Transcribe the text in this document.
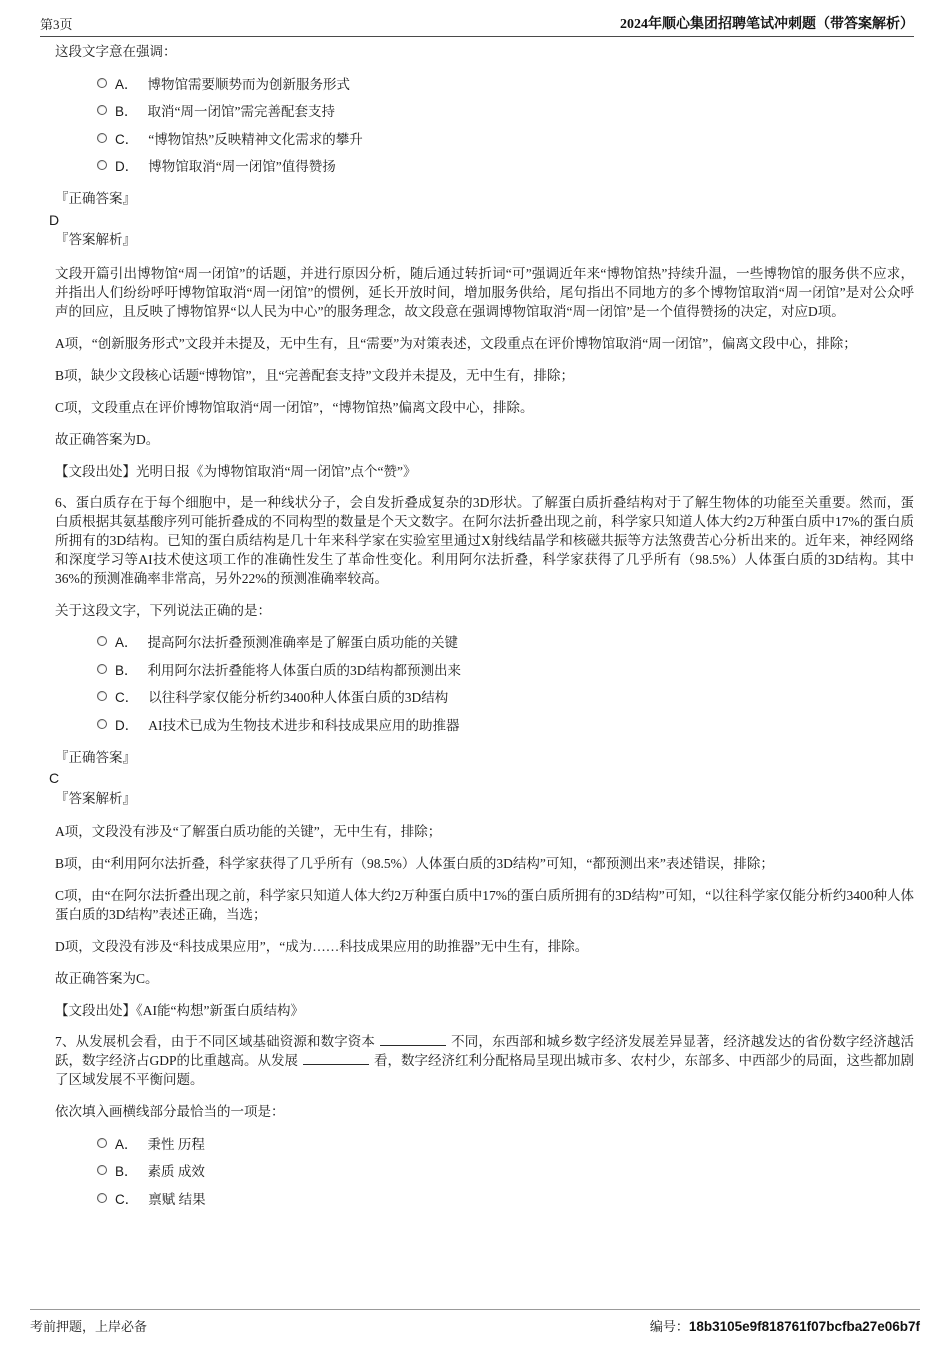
第3页	2024年顺心集团招聘笔试冲刺题（带答案解析）

这段文字意在强调：

A． 博物馆需要顺势而为创新服务形式
B． 取消“周一闭馆”需完善配套支持
C． “博物馆热”反映精神文化需求的攀升
D． 博物馆取消“周一闭馆”值得赞扬
『正确答案』
D
『答案解析』

文段开篇引出博物馆“周一闭馆”的话题，并进行原因分析，随后通过转折词“可”强调近年来“博物馆热”持续升温，一些博物馆的服务供不应求，并指出人们纷纷呼吁博物馆取消“周一闭馆”的惯例，延长开放时间，增加服务供给，尾句指出不同地方的多个博物馆取消“周一闭馆”是对公众呼声的回应，且反映了博物馆界“以人民为中心”的服务理念，故文段意在强调博物馆取消“周一闭馆”是一个值得赞扬的决定，对应D项。

A项，“创新服务形式”文段并未提及，无中生有，且“需要”为对策表述，文段重点在评价博物馆取消“周一闭馆”，偏离文段中心，排除；

B项，缺少文段核心话题“博物馆”，且“完善配套支持”文段并未提及，无中生有，排除；

C项，文段重点在评价博物馆取消“周一闭馆”，“博物馆热”偏离文段中心，排除。

故正确答案为D。

【文段出处】光明日报《为博物馆取消“周一闭馆”点个“赞”》

6、蛋白质存在于每个细胞中，是一种线状分子，会自发折叠成复杂的3D形状。了解蛋白质折叠结构对于了解生物体的功能至关重要。然而，蛋白质根据其氨基酸序列可能折叠成的不同构型的数量是个天文数字。在阿尔法折叠出现之前，科学家只知道人体大约2万种蛋白质中17%的蛋白质所拥有的3D结构。已知的蛋白质结构是几十年来科学家在实验室里通过X射线结晶学和核磁共振等方法煞费苦心分析出来的。近年来，神经网络和深度学习等AI技术使这项工作的准确性发生了革命性变化。利用阿尔法折叠，科学家获得了几乎所有（98.5%）人体蛋白质的3D结构。其中36%的预测准确率非常高，另外22%的预测准确率较高。

关于这段文字，下列说法正确的是：

A． 提高阿尔法折叠预测准确率是了解蛋白质功能的关键
B． 利用阿尔法折叠能将人体蛋白质的3D结构都预测出来
C． 以往科学家仅能分析约3400种人体蛋白质的3D结构
D． AI技术已成为生物技术进步和科技成果应用的助推器
『正确答案』
C
『答案解析』

A项，文段没有涉及“了解蛋白质功能的关键”，无中生有，排除；

B项，由“利用阿尔法折叠，科学家获得了几乎所有（98.5%）人体蛋白质的3D结构”可知，“都预测出来”表述错误，排除；

C项，由“在阿尔法折叠出现之前，科学家只知道人体大约2万种蛋白质中17%的蛋白质所拥有的3D结构”可知，“以往科学家仅能分析约3400种人体蛋白质的3D结构”表述正确，当选；

D项，文段没有涉及“科技成果应用”，“成为……科技成果应用的助推器”无中生有，排除。

故正确答案为C。

【文段出处】《AI能“构想”新蛋白质结构》

7、从发展机会看，由于不同区域基础资源和数字资本	不同，东西部和城乡数字经济发展差异显著，经济越发达的省份数字经济越活跃，数字经济占GDP的比重越高。从发展	看，数字经济红利分配格局呈现出城市多、农村少，东部多、中西部少的局面，这些都加剧了区域发展不平衡问题。

依次填入画横线部分最恰当的一项是：

A． 秉性 历程
B． 素质 成效
C． 禀赋 结果
考前押题，上岸必备	编号：18b3105e9f818761f07bcfba27e06b7f
